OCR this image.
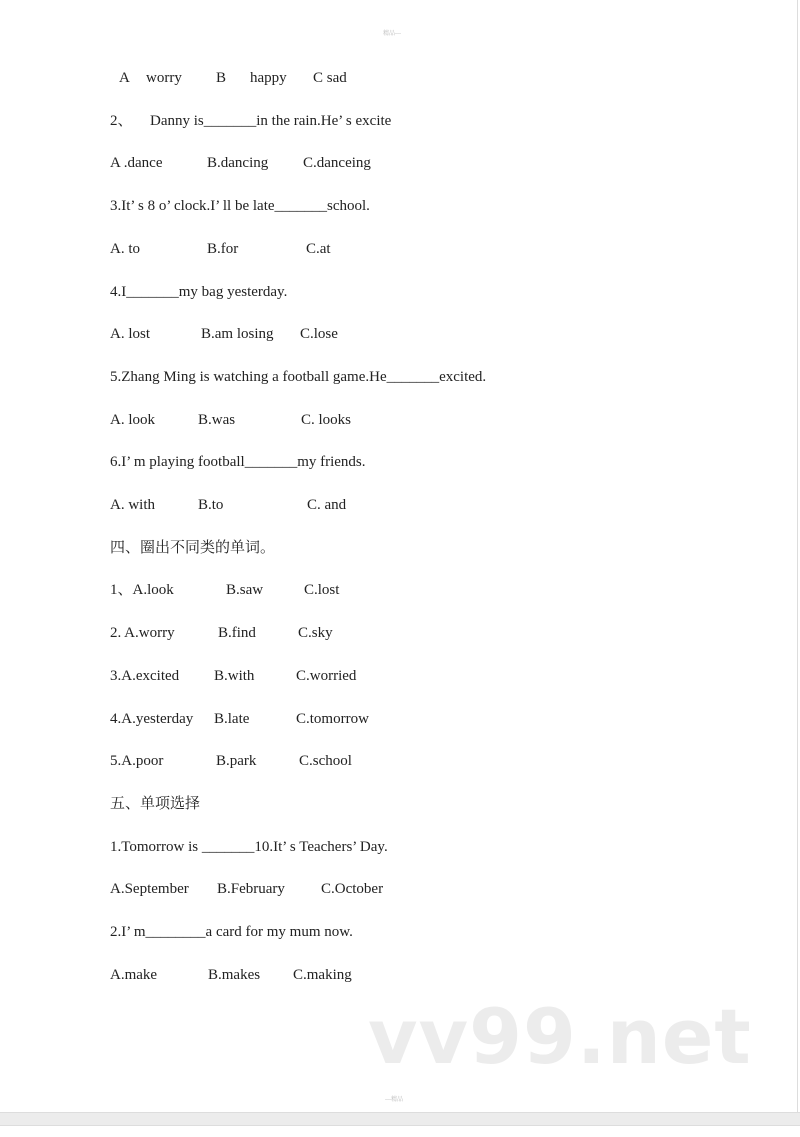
精品---
A worry B happy C sad
2、 Danny is_______in the rain.He’ s excite
A .dance	B.dancing C.danceing
3.It’ s 8 o’ clock.I’ ll be late_______school.
A. to	B.for	C.at
4.I_______my bag yesterday.
A. lost	B.am losing C.lose
5.Zhang Ming is watching a football game.He_______excited.
A. look	B.was	C. looks
6.I’ m playing football_______my friends.
A. with	B.to	C. and
四、圈出不同类的单词。
1、A.look	B.saw	C.lost
2. A.worry	B.find	C.sky
3.A.excited B.with	C.worried
4.A.yesterday B.late	C.tomorrow
5.A.poor	B.park	C.school
五、单项选择
1.Tomorrow is _______10.It’ s Teachers’ Day.
A.September B.February C.October
2.I’ m________a card for my mum now.
A.make	B.makes C.making
vv99.net
---精品
